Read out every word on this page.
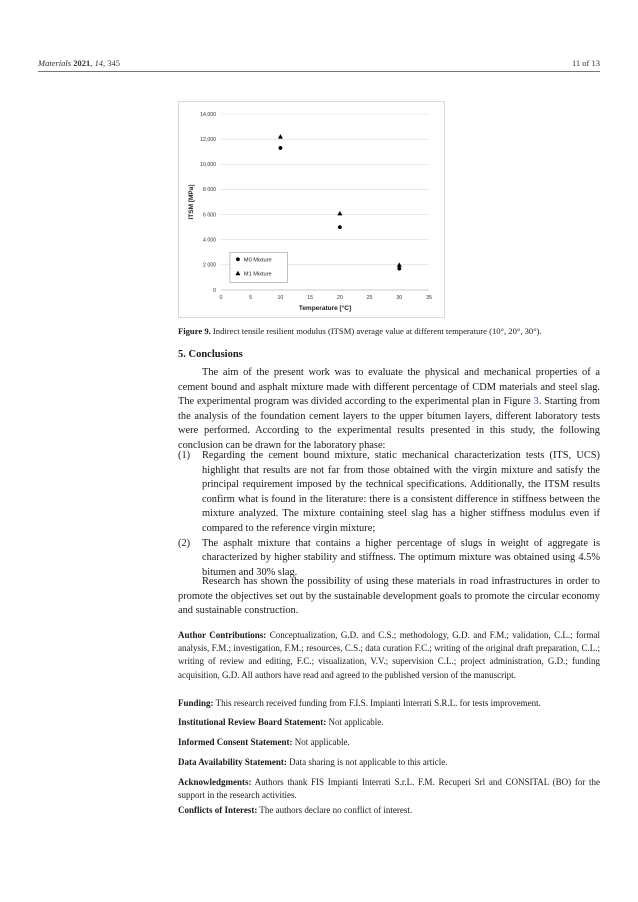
Materials 2021, 14, 345	11 of 13
0
2 000
4 000
6 000
8 000
10,000
12,000
14,000
0	5	10	15	20	25	30	35
Temperature [°C]
ITSM [MPa]
M0 Mixture
M1 Mixture
Figure 9. Indirect tensile resilient modulus (ITSM) average value at different temperature (10°, 20°, 30°).
5. Conclusions
The aim of the present work was to evaluate the physical and mechanical properties of a cement bound and asphalt mixture made with different percentage of CDM materials and steel slag. The experimental program was divided according to the experimental plan in Figure 3. Starting from the analysis of the foundation cement layers to the upper bitumen layers, different laboratory tests were performed. According to the experimental results presented in this study, the following conclusion can be drawn for the laboratory phase:
(1)	Regarding the cement bound mixture, static mechanical characterization tests (ITS, UCS) highlight that results are not far from those obtained with the virgin mixture and satisfy the principal requirement imposed by the technical specifications. Additionally, the ITSM results confirm what is found in the literature: there is a consistent difference in stiffness between the mixture analyzed. The mixture containing steel slag has a higher stiffness modulus even if compared to the reference virgin mixture;
(2)	The asphalt mixture that contains a higher percentage of slugs in weight of aggregate is characterized by higher stability and stiffness. The optimum mixture was obtained using 4.5% bitumen and 30% slag.
Research has shown the possibility of using these materials in road infrastructures in order to promote the objectives set out by the sustainable development goals to promote the circular economy and sustainable construction.
Author Contributions: Conceptualization, G.D. and C.S.; methodology, G.D. and F.M.; validation, C.L.; formal analysis, F.M.; investigation, F.M.; resources, C.S.; data curation F.C.; writing of the original draft preparation, C.L.; writing of review and editing, F.C.; visualization, V.V.; supervision C.L.; project administration, G.D.; funding acquisition, G.D. All authors have read and agreed to the published version of the manuscript.
Funding: This research received funding from F.I.S. Impianti Interrati S.R.L. for tests improvement.
Institutional Review Board Statement: Not applicable.
Informed Consent Statement: Not applicable.
Data Availability Statement: Data sharing is not applicable to this article.
Acknowledgments: Authors thank FIS Impianti Interrati S.r.L. F.M. Recuperi Srl and CONSITAL (BO) for the support in the research activities.
Conflicts of Interest: The authors declare no conflict of interest.
